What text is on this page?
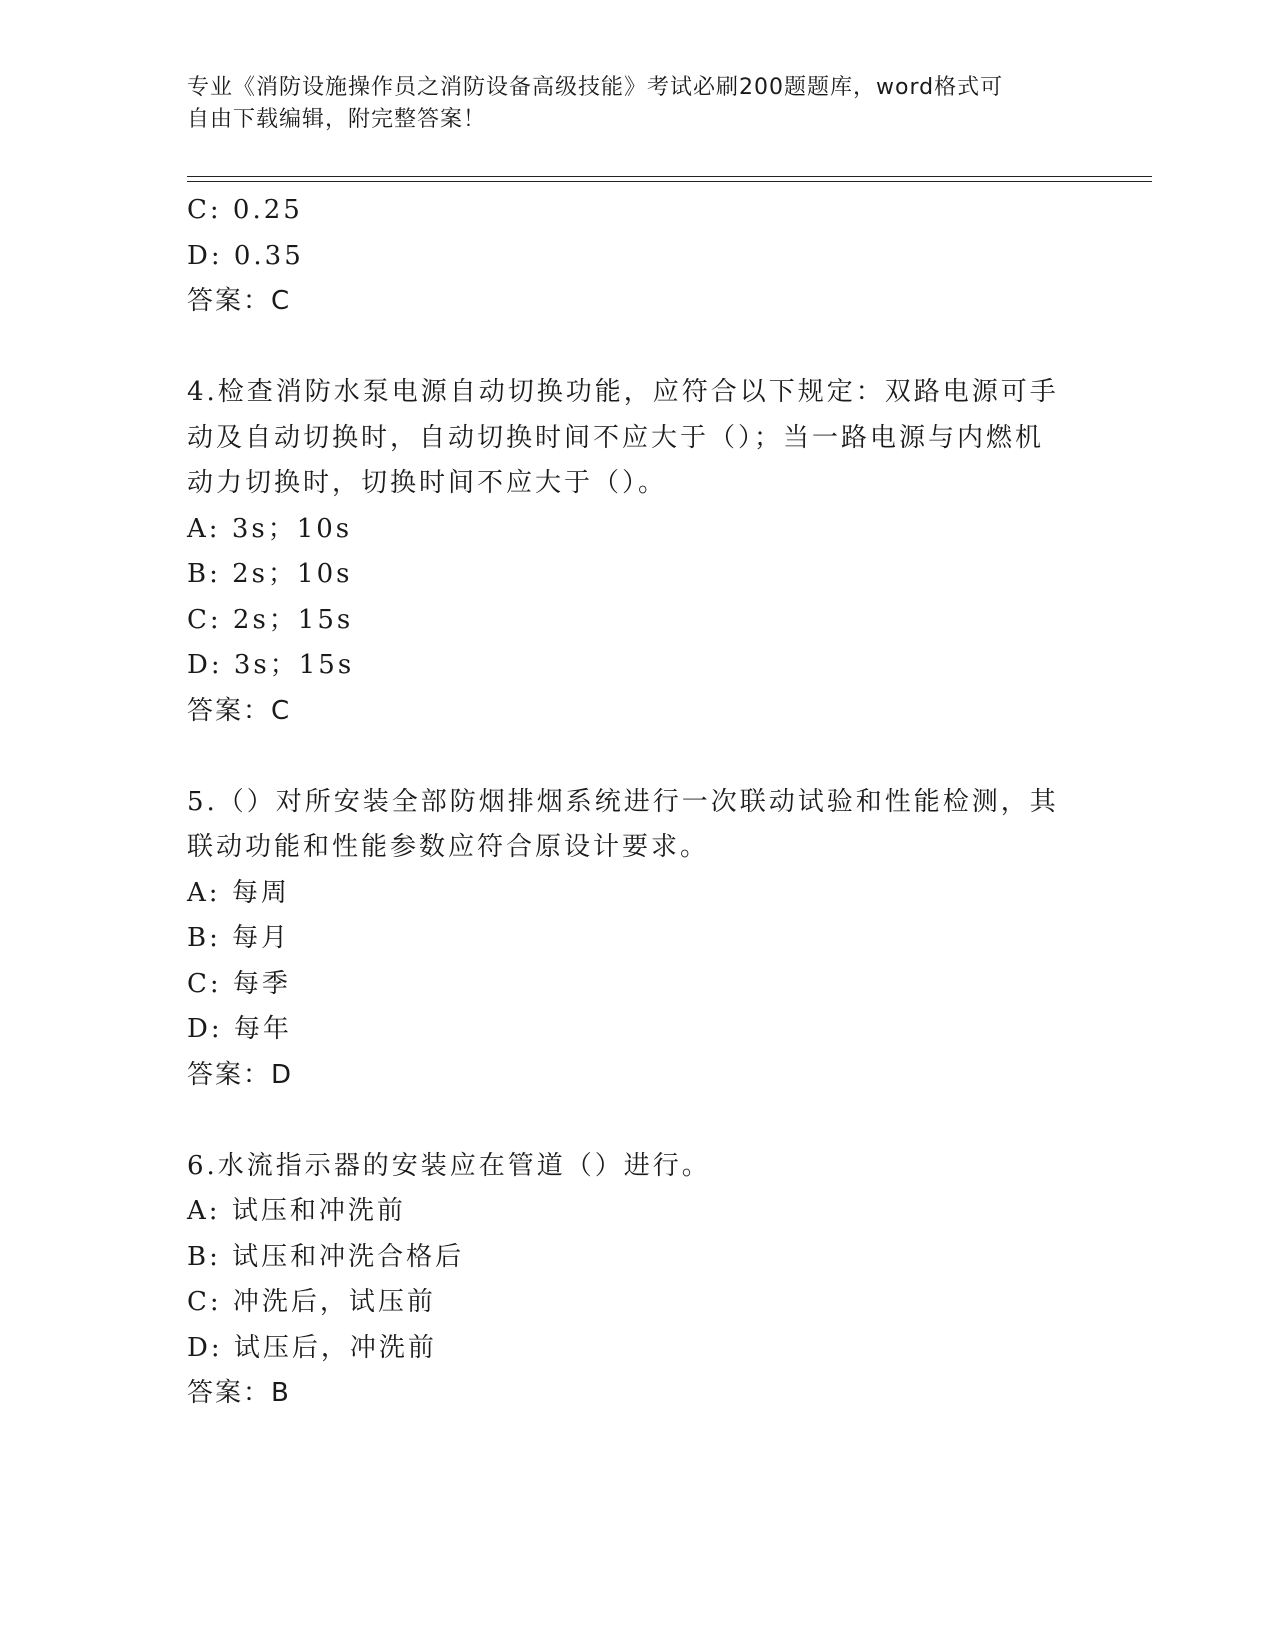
专业《消防设施操作员之消防设备高级技能》考试必刷200题题库，word格式可
自由下载编辑，附完整答案！
C: 0.25
D: 0.35
答案：C
4.检查消防水泵电源自动切换功能，应符合以下规定：双路电源可手
动及自动切换时，自动切换时间不应大于（）；当一路电源与内燃机
动力切换时，切换时间不应大于（）。
A: 3s；10s
B: 2s；10s
C: 2s；15s
D: 3s；15s
答案：C
5.（）对所安装全部防烟排烟系统进行一次联动试验和性能检测，其
联动功能和性能参数应符合原设计要求。
A: 每周
B: 每月
C: 每季
D: 每年
答案：D
6.水流指示器的安装应在管道（）进行。
A: 试压和冲洗前
B: 试压和冲洗合格后
C: 冲洗后，试压前
D: 试压后，冲洗前
答案：B
